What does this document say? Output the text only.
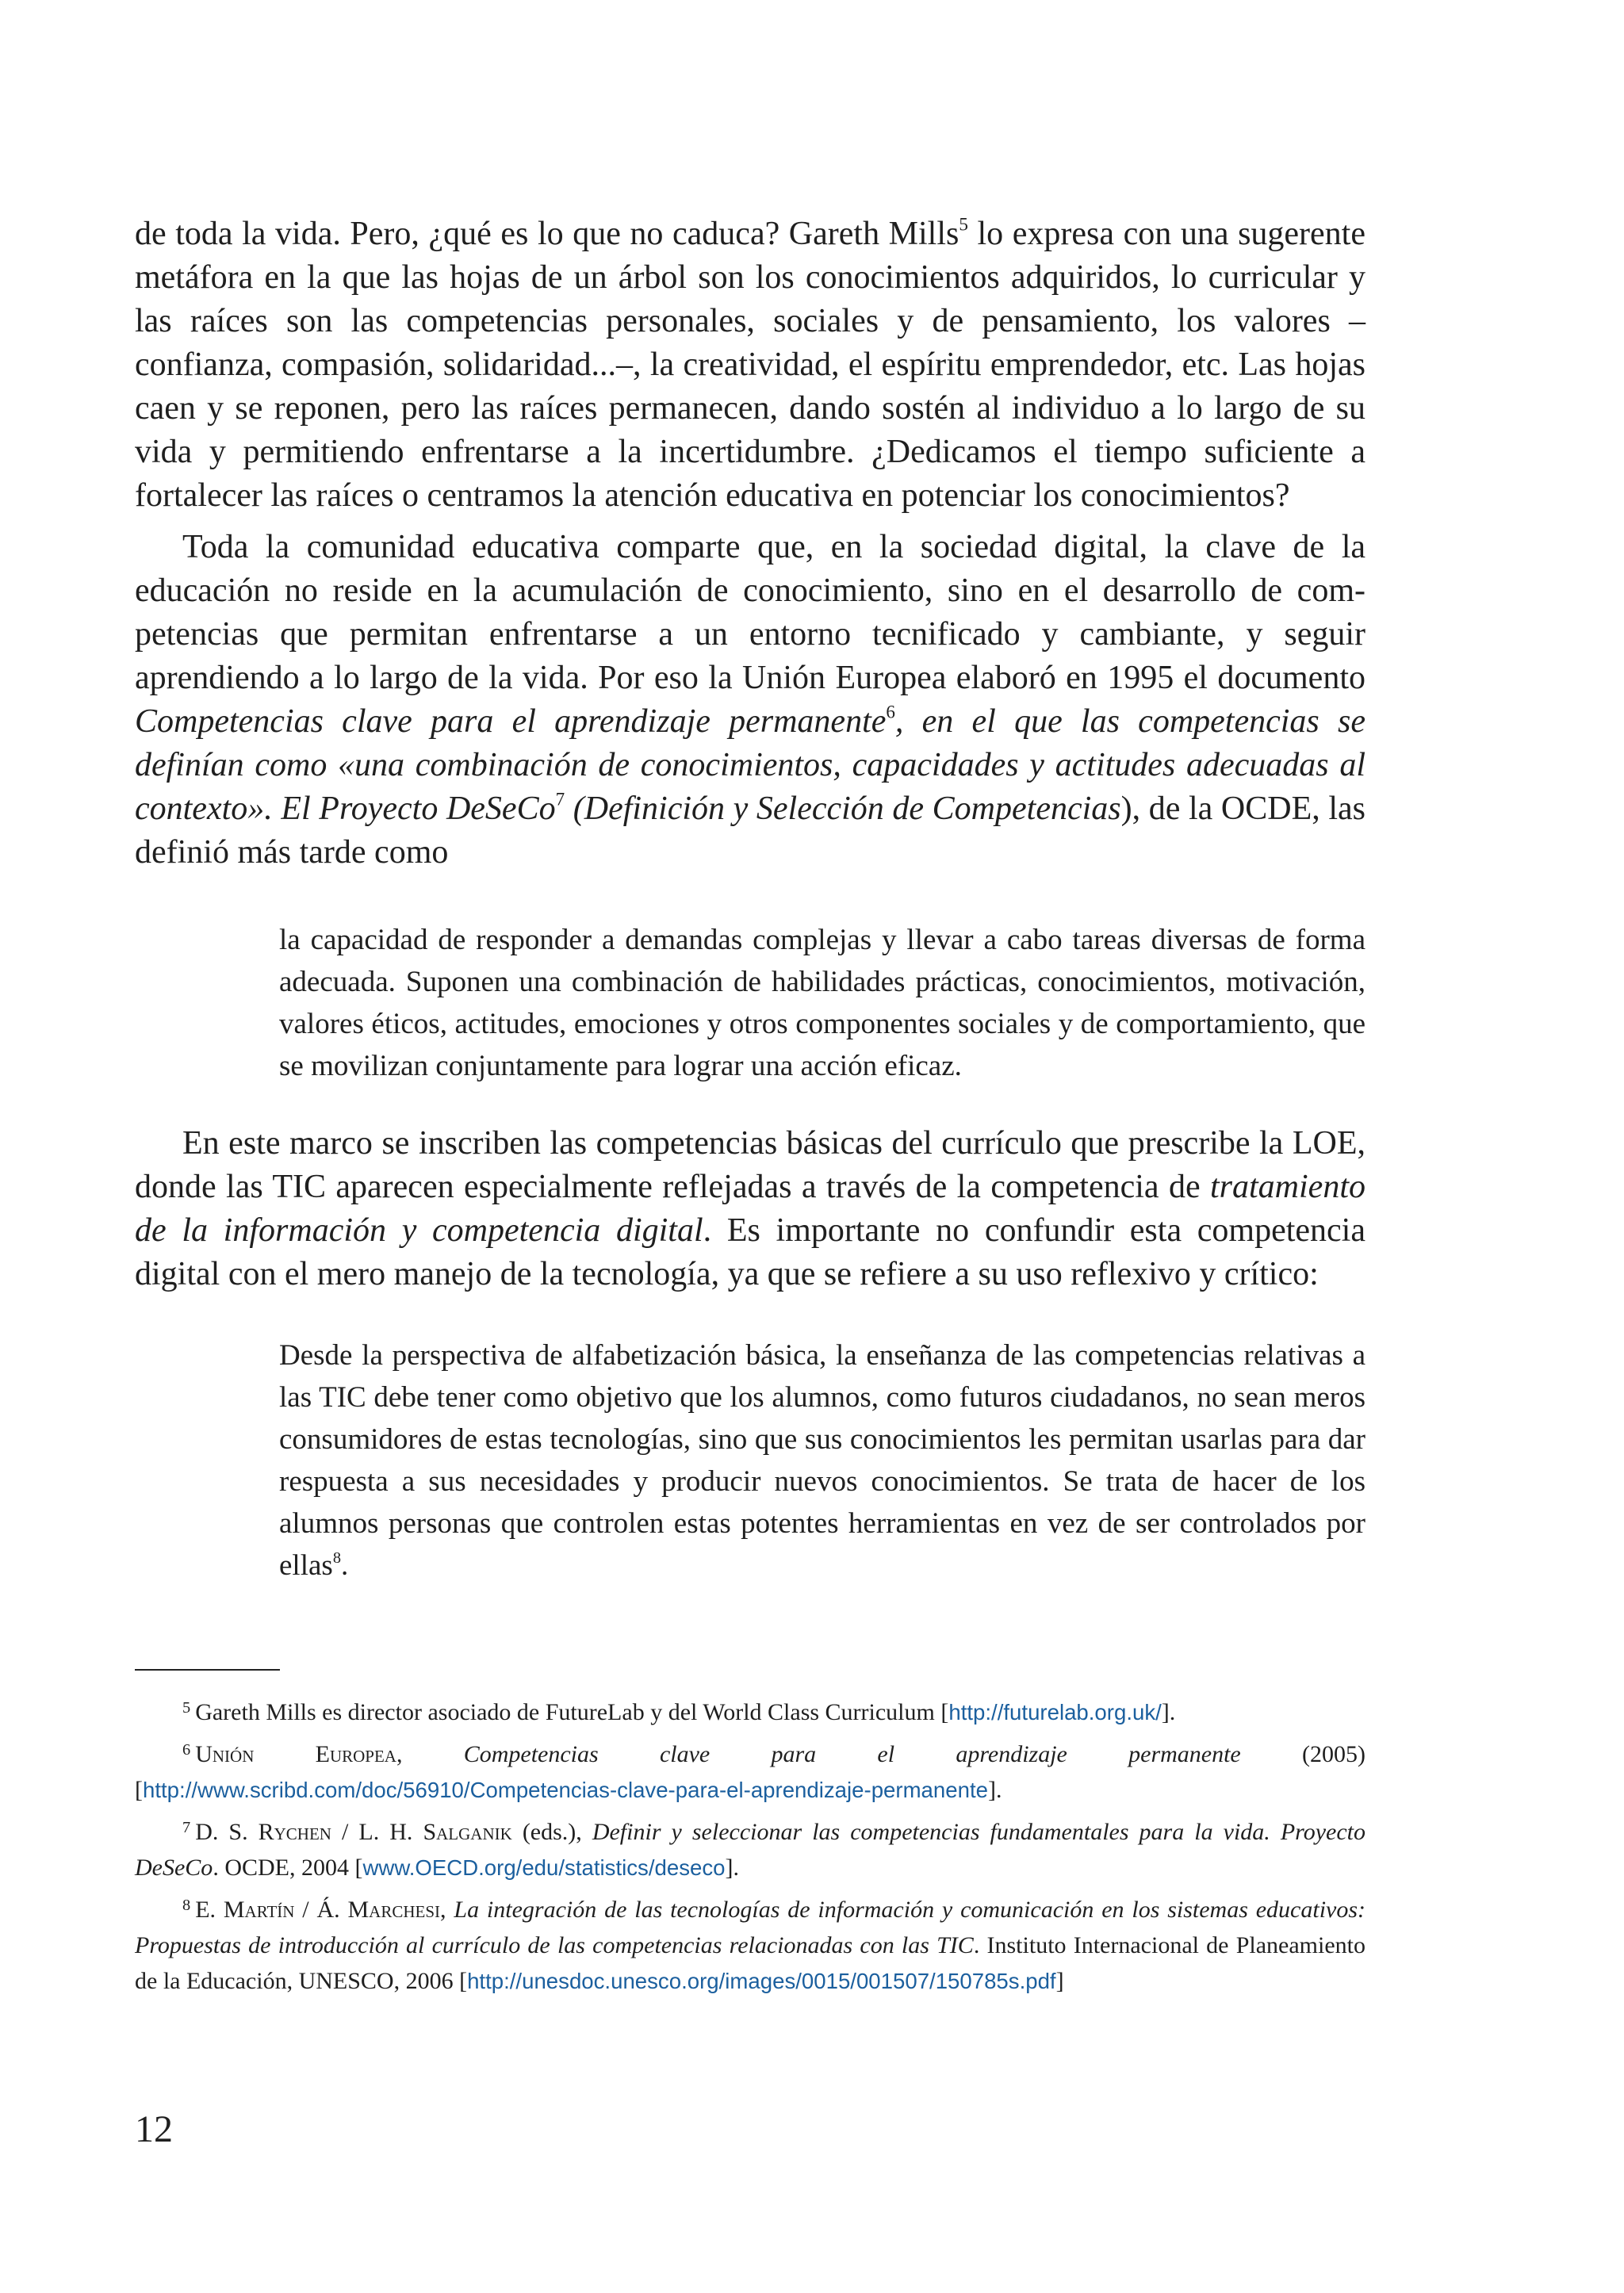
de toda la vida. Pero, ¿qué es lo que no caduca? Gareth Mills$^5$ lo expresa con una sugerente metáfora en la que las hojas de un árbol son los conocimientos adquiridos, lo curricular y las raíces son las competencias personales, sociales y de pensamiento, los valores –confianza, compasión, solidaridad...–, la creatividad, el espíritu emprendedor, etc. Las hojas caen y se reponen, pero las raíces permanecen, dando sostén al individuo a lo largo de su vida y permitiendo enfrentarse a la incertidumbre. ¿Dedicamos el tiempo suficiente a fortalecer las raíces o centramos la atención educativa en potenciar los conocimientos?

Toda la comunidad educativa comparte que, en la sociedad digital, la clave de la educación no reside en la acumulación de conocimiento, sino en el desarrollo de competencias que permitan enfrentarse a un entorno tecnificado y cambiante, y seguir aprendiendo a lo largo de la vida. Por eso la Unión Europea elaboró en 1995 el documento Competencias clave para el aprendizaje permanente$^6$, en el que las competencias se definían como «una combinación de conocimientos, capacidades y actitudes adecuadas al contexto». El Proyecto DeSeCo$^7$ (Definición y Selección de Competencias), de la OCDE, las definió más tarde como

la capacidad de responder a demandas complejas y llevar a cabo tareas diversas de forma adecuada. Suponen una combinación de habilidades prácticas, conocimientos, motivación, valores éticos, actitudes, emociones y otros componentes sociales y de comportamiento, que se movilizan conjuntamente para lograr una acción eficaz.

En este marco se inscriben las competencias básicas del currículo que prescribe la LOE, donde las TIC aparecen especialmente reflejadas a través de la competencia de tratamiento de la información y competencia digital. Es importante no confundir esta competencia digital con el mero manejo de la tecnología, ya que se refiere a su uso reflexivo y crítico:

Desde la perspectiva de alfabetización básica, la enseñanza de las competencias relativas a las TIC debe tener como objetivo que los alumnos, como futuros ciudadanos, no sean meros consumidores de estas tecnologías, sino que sus conocimientos les permitan usarlas para dar respuesta a sus necesidades y producir nuevos conocimientos. Se trata de hacer de los alumnos personas que controlen estas potentes herramientas en vez de ser controlados por ellas$^8$.

$^5$ Gareth Mills es director asociado de FutureLab y del World Class Curriculum [http://futurelab.org.uk/].

$^6$ Unión Europea, Competencias clave para el aprendizaje permanente (2005) [http://www.scribd.com/doc/56910/Competencias-clave-para-el-aprendizaje-permanente].

$^7$ D. S. Rychen / L. H. Salganik (eds.), Definir y seleccionar las competencias fundamentales para la vida. Proyecto DeSeCo. OCDE, 2004 [www.OECD.org/edu/statistics/deseco].

$^8$ E. Martín / Á. Marchesi, La integración de las tecnologías de información y comunicación en los sistemas educativos: Propuestas de introducción al currículo de las competencias relacionadas con las TIC. Instituto Internacional de Planeamiento de la Educación, UNESCO, 2006 [http://unesdoc.unesco.org/images/0015/001507/150785s.pdf]

12
